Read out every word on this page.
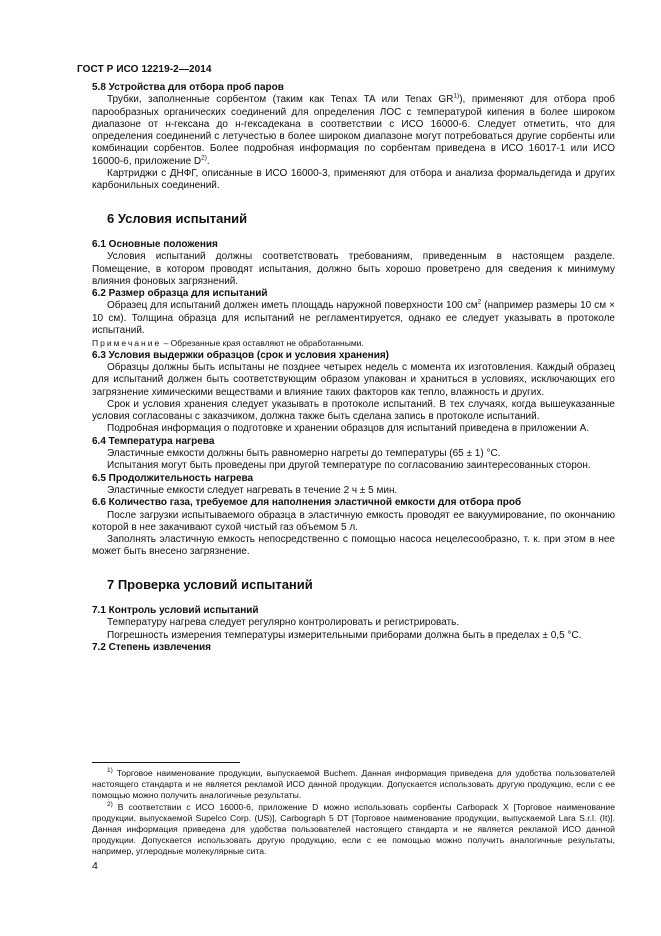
ГОСТ Р ИСО 12219-2—2014

5.8 Устройства для отбора проб паров

Трубки, заполненные сорбентом (таким как Tenax TA или Tenax GR$^{1)}$), применяют для отбора проб парообразных органических соединений для определения ЛОС с температурой кипения в более широком диапазоне от н-гексана до н-гексадекана в соответствии с ИСО 16000-6. Следует отметить, что для определения соединений с летучестью в более широком диапазоне могут потребоваться другие сорбенты или комбинации сорбентов. Более подробная информация по сорбентам приведена в ИСО 16017-1 или ИСО 16000-6, приложение $D^{2)}$.

Картриджи с ДНФГ, описанные в ИСО 16000-3, применяют для отбора и анализа формальдегида и других карбонильных соединений.

6 Условия испытаний

6.1 Основные положения

Условия испытаний должны соответствовать требованиям, приведенным в настоящем разделе. Помещение, в котором проводят испытания, должно быть хорошо проветрено для сведения к минимуму влияния фоновых загрязнений.

6.2 Размер образца для испытаний

Образец для испытаний должен иметь площадь наружной поверхности 100 $см^2$ (например размеры 10 см × 10 см). Толщина образца для испытаний не регламентируется, однако ее следует указывать в протоколе испытаний.

Примечание – Обрезанные края оставляют не обработанными.

6.3 Условия выдержки образцов (срок и условия хранения)

Образцы должны быть испытаны не позднее четырех недель с момента их изготовления. Каждый образец для испытаний должен быть соответствующим образом упакован и храниться в условиях, исключающих его загрязнение химическими веществами и влияние таких факторов как тепло, влажность и других.

Срок и условия хранения следует указывать в протоколе испытаний. В тех случаях, когда вышеуказанные условия согласованы с заказчиком, должна также быть сделана запись в протоколе испытаний.

Подробная информация о подготовке и хранении образцов для испытаний приведена в приложении А.

6.4 Температура нагрева

Эластичные емкости должны быть равномерно нагреты до температуры (65 ± 1) °С.

Испытания могут быть проведены при другой температуре по согласованию заинтересованных сторон.

6.5 Продолжительность нагрева

Эластичные емкости следует нагревать в течение 2 ч ± 5 мин.

6.6 Количество газа, требуемое для наполнения эластичной емкости для отбора проб

После загрузки испытываемого образца в эластичную емкость проводят ее вакуумирование, по окончанию которой в нее закачивают сухой чистый газ объемом 5 л.

Заполнять эластичную емкость непосредственно с помощью насоса нецелесообразно, т. к. при этом в нее может быть внесено загрязнение.

7 Проверка условий испытаний

7.1 Контроль условий испытаний

Температуру нагрева следует регулярно контролировать и регистрировать.

Погрешность измерения температуры измерительными приборами должна быть в пределах ± 0,5 °С.

7.2 Степень извлечения

$^{1)}$ Торговое наименование продукции, выпускаемой Buchem. Данная информация приведена для удобства пользователей настоящего стандарта и не является рекламой ИСО данной продукции. Допускается использовать другую продукцию, если с ее помощью можно получить аналогичные результаты.

$^{2)}$ В соответствии с ИСО 16000-6, приложение D можно использовать сорбенты Carbopack X [Торговое наименование продукции, выпускаемой Supelco Corp. (US)], Carbograph 5 DT [Торговое наименование продукции, выпускаемой Lara S.r.l. (It)]. Данная информация приведена для удобства пользователей настоящего стандарта и не является рекламой ИСО данной продукции. Допускается использовать другую продукцию, если с ее помощью можно получить аналогичные результаты, например, углеродные молекулярные сита.

4
